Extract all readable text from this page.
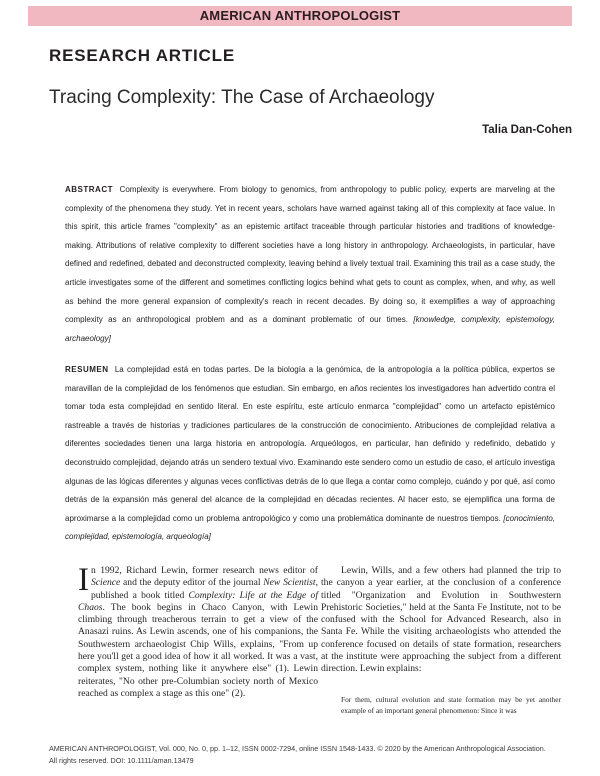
AMERICAN ANTHROPOLOGIST
RESEARCH ARTICLE
Tracing Complexity: The Case of Archaeology
Talia Dan-Cohen
ABSTRACT Complexity is everywhere. From biology to genomics, from anthropology to public policy, experts are marveling at the complexity of the phenomena they study. Yet in recent years, scholars have warned against taking all of this complexity at face value. In this spirit, this article frames "complexity" as an epistemic artifact traceable through particular histories and traditions of knowledge-making. Attributions of relative complexity to different societies have a long history in anthropology. Archaeologists, in particular, have defined and redefined, debated and deconstructed complexity, leaving behind a lively textual trail. Examining this trail as a case study, the article investigates some of the different and sometimes conflicting logics behind what gets to count as complex, when, and why, as well as behind the more general expansion of complexity's reach in recent decades. By doing so, it exemplifies a way of approaching complexity as an anthropological problem and as a dominant problematic of our times. [knowledge, complexity, epistemology, archaeology]
RESUMEN La complejidad está en todas partes. De la biología a la genómica, de la antropología a la política pública, expertos se maravillan de la complejidad de los fenómenos que estudian. Sin embargo, en años recientes los investigadores han advertido contra el tomar toda esta complejidad en sentido literal. En este espíritu, este artículo enmarca "complejidad" como un artefacto epistémico rastreable a través de historias y tradiciones particulares de la construcción de conocimiento. Atribuciones de complejidad relativa a diferentes sociedades tienen una larga historia en antropología. Arqueólogos, en particular, han definido y redefinido, debatido y deconstruido complejidad, dejando atrás un sendero textual vivo. Examinando este sendero como un estudio de caso, el artículo investiga algunas de las lógicas diferentes y algunas veces conflictivas detrás de lo que llega a contar como complejo, cuándo y por qué, así como detrás de la expansión más general del alcance de la complejidad en décadas recientes. Al hacer esto, se ejemplifica una forma de aproximarse a la complejidad como un problema antropológico y como una problemática dominante de nuestros tiempos. [conocimiento, complejidad, epistemología, arqueología]

In 1992, Richard Lewin, former research news editor of Science and the deputy editor of the journal New Scientist, published a book titled Complexity: Life at the Edge of Chaos. The book begins in Chaco Canyon, with Lewin climbing through treacherous terrain to get a view of the Anasazi ruins. As Lewin ascends, one of his companions, the Southwestern archaeologist Chip Wills, explains, "From up here you'll get a good idea of how it all worked. It was a vast, complex system, nothing like it anywhere else" (1). Lewin reiterates, "No other pre-Columbian society north of Mexico reached as complex a stage as this one" (2).

Lewin, Wills, and a few others had planned the trip to the canyon a year earlier, at the conclusion of a conference titled "Organization and Evolution in Southwestern Prehistoric Societies," held at the Santa Fe Institute, not to be confused with the School for Advanced Research, also in Santa Fe. While the visiting archaeologists who attended the conference focused on details of state formation, researchers at the institute were approaching the subject from a different direction. Lewin explains:

For them, cultural evolution and state formation may be yet another example of an important general phenomenon: Since it was
AMERICAN ANTHROPOLOGIST, Vol. 000, No. 0, pp. 1–12, ISSN 0002-7294, online ISSN 1548-1433. © 2020 by the American Anthropological Association.
All rights reserved. DOI: 10.1111/aman.13479
